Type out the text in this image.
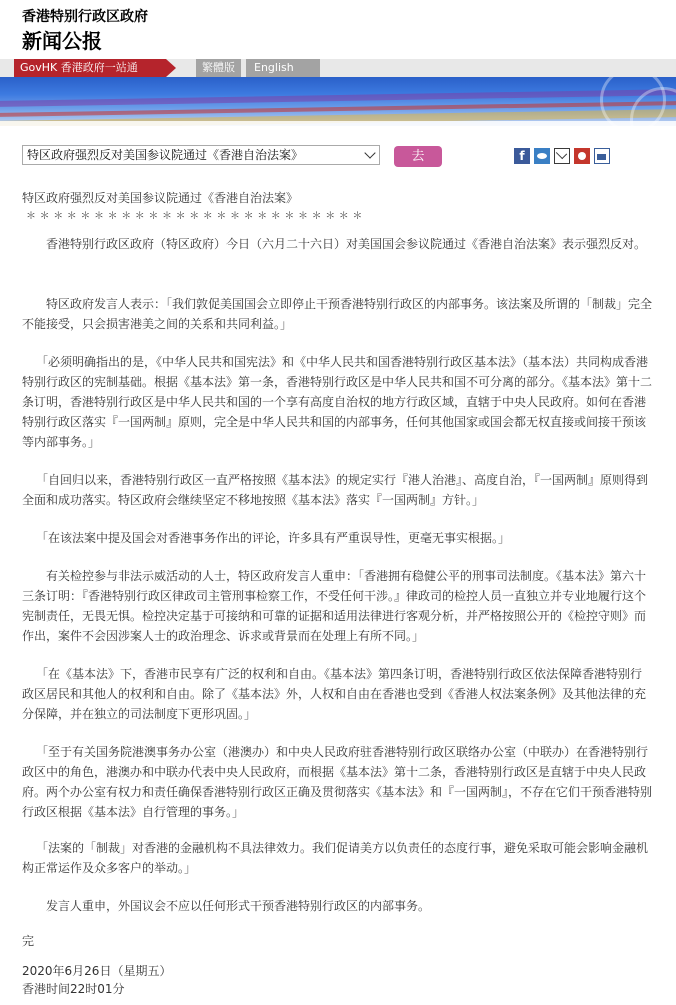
香港特别行政区政府
新闻公报
GovHK 香港政府一站通	繁體版	English
特区政府强烈反对美国参议院通过《香港自治法案》	去	f
特区政府强烈反对美国参议院通过《香港自治法案》
＊＊＊＊＊＊＊＊＊＊＊＊＊＊＊＊＊＊＊＊＊＊＊＊＊

香港特别行政区政府（特区政府）今日（六月二十六日）对美国国会参议院通过《香港自治法案》表示强烈反对。

特区政府发言人表示：「我们敦促美国国会立即停止干预香港特别行政区的内部事务。该法案及所谓的「制裁」完全不能接受，只会损害港美之间的关系和共同利益。」

「必须明确指出的是，《中华人民共和国宪法》和《中华人民共和国香港特别行政区基本法》（基本法）共同构成香港特别行政区的宪制基础。根据《基本法》第一条，香港特别行政区是中华人民共和国不可分离的部分。《基本法》第十二条订明，香港特别行政区是中华人民共和国的一个享有高度自治权的地方行政区域，直辖于中央人民政府。如何在香港特别行政区落实『一国两制』原则，完全是中华人民共和国的内部事务，任何其他国家或国会都无权直接或间接干预该等内部事务。」

「自回归以来，香港特别行政区一直严格按照《基本法》的规定实行『港人治港』、高度自治，『一国两制』原则得到全面和成功落实。特区政府会继续坚定不移地按照《基本法》落实『一国两制』方针。」

「在该法案中提及国会对香港事务作出的评论，许多具有严重误导性，更毫无事实根据。」

有关检控参与非法示威活动的人士，特区政府发言人重申：「香港拥有稳健公平的刑事司法制度。《基本法》第六十三条订明：『香港特别行政区律政司主管刑事检察工作，不受任何干涉。』律政司的检控人员一直独立并专业地履行这个宪制责任，无畏无惧。检控决定基于可接纳和可靠的证据和适用法律进行客观分析，并严格按照公开的《检控守则》而作出，案件不会因涉案人士的政治理念、诉求或背景而在处理上有所不同。」

「在《基本法》下，香港市民享有广泛的权利和自由。《基本法》第四条订明，香港特别行政区依法保障香港特别行政区居民和其他人的权利和自由。除了《基本法》外，人权和自由在香港也受到《香港人权法案条例》及其他法律的充分保障，并在独立的司法制度下更形巩固。」

「至于有关国务院港澳事务办公室（港澳办）和中央人民政府驻香港特别行政区联络办公室（中联办）在香港特别行政区中的角色，港澳办和中联办代表中央人民政府，而根据《基本法》第十二条，香港特别行政区是直辖于中央人民政府。两个办公室有权力和责任确保香港特别行政区正确及贯彻落实《基本法》和『一国两制』，不存在它们干预香港特别行政区根据《基本法》自行管理的事务。」

「法案的「制裁」对香港的金融机构不具法律效力。我们促请美方以负责任的态度行事，避免采取可能会影响金融机构正常运作及众多客户的举动。」

发言人重申，外国议会不应以任何形式干预香港特别行政区的内部事务。

完
2020年6月26日（星期五）
香港时间22时01分
